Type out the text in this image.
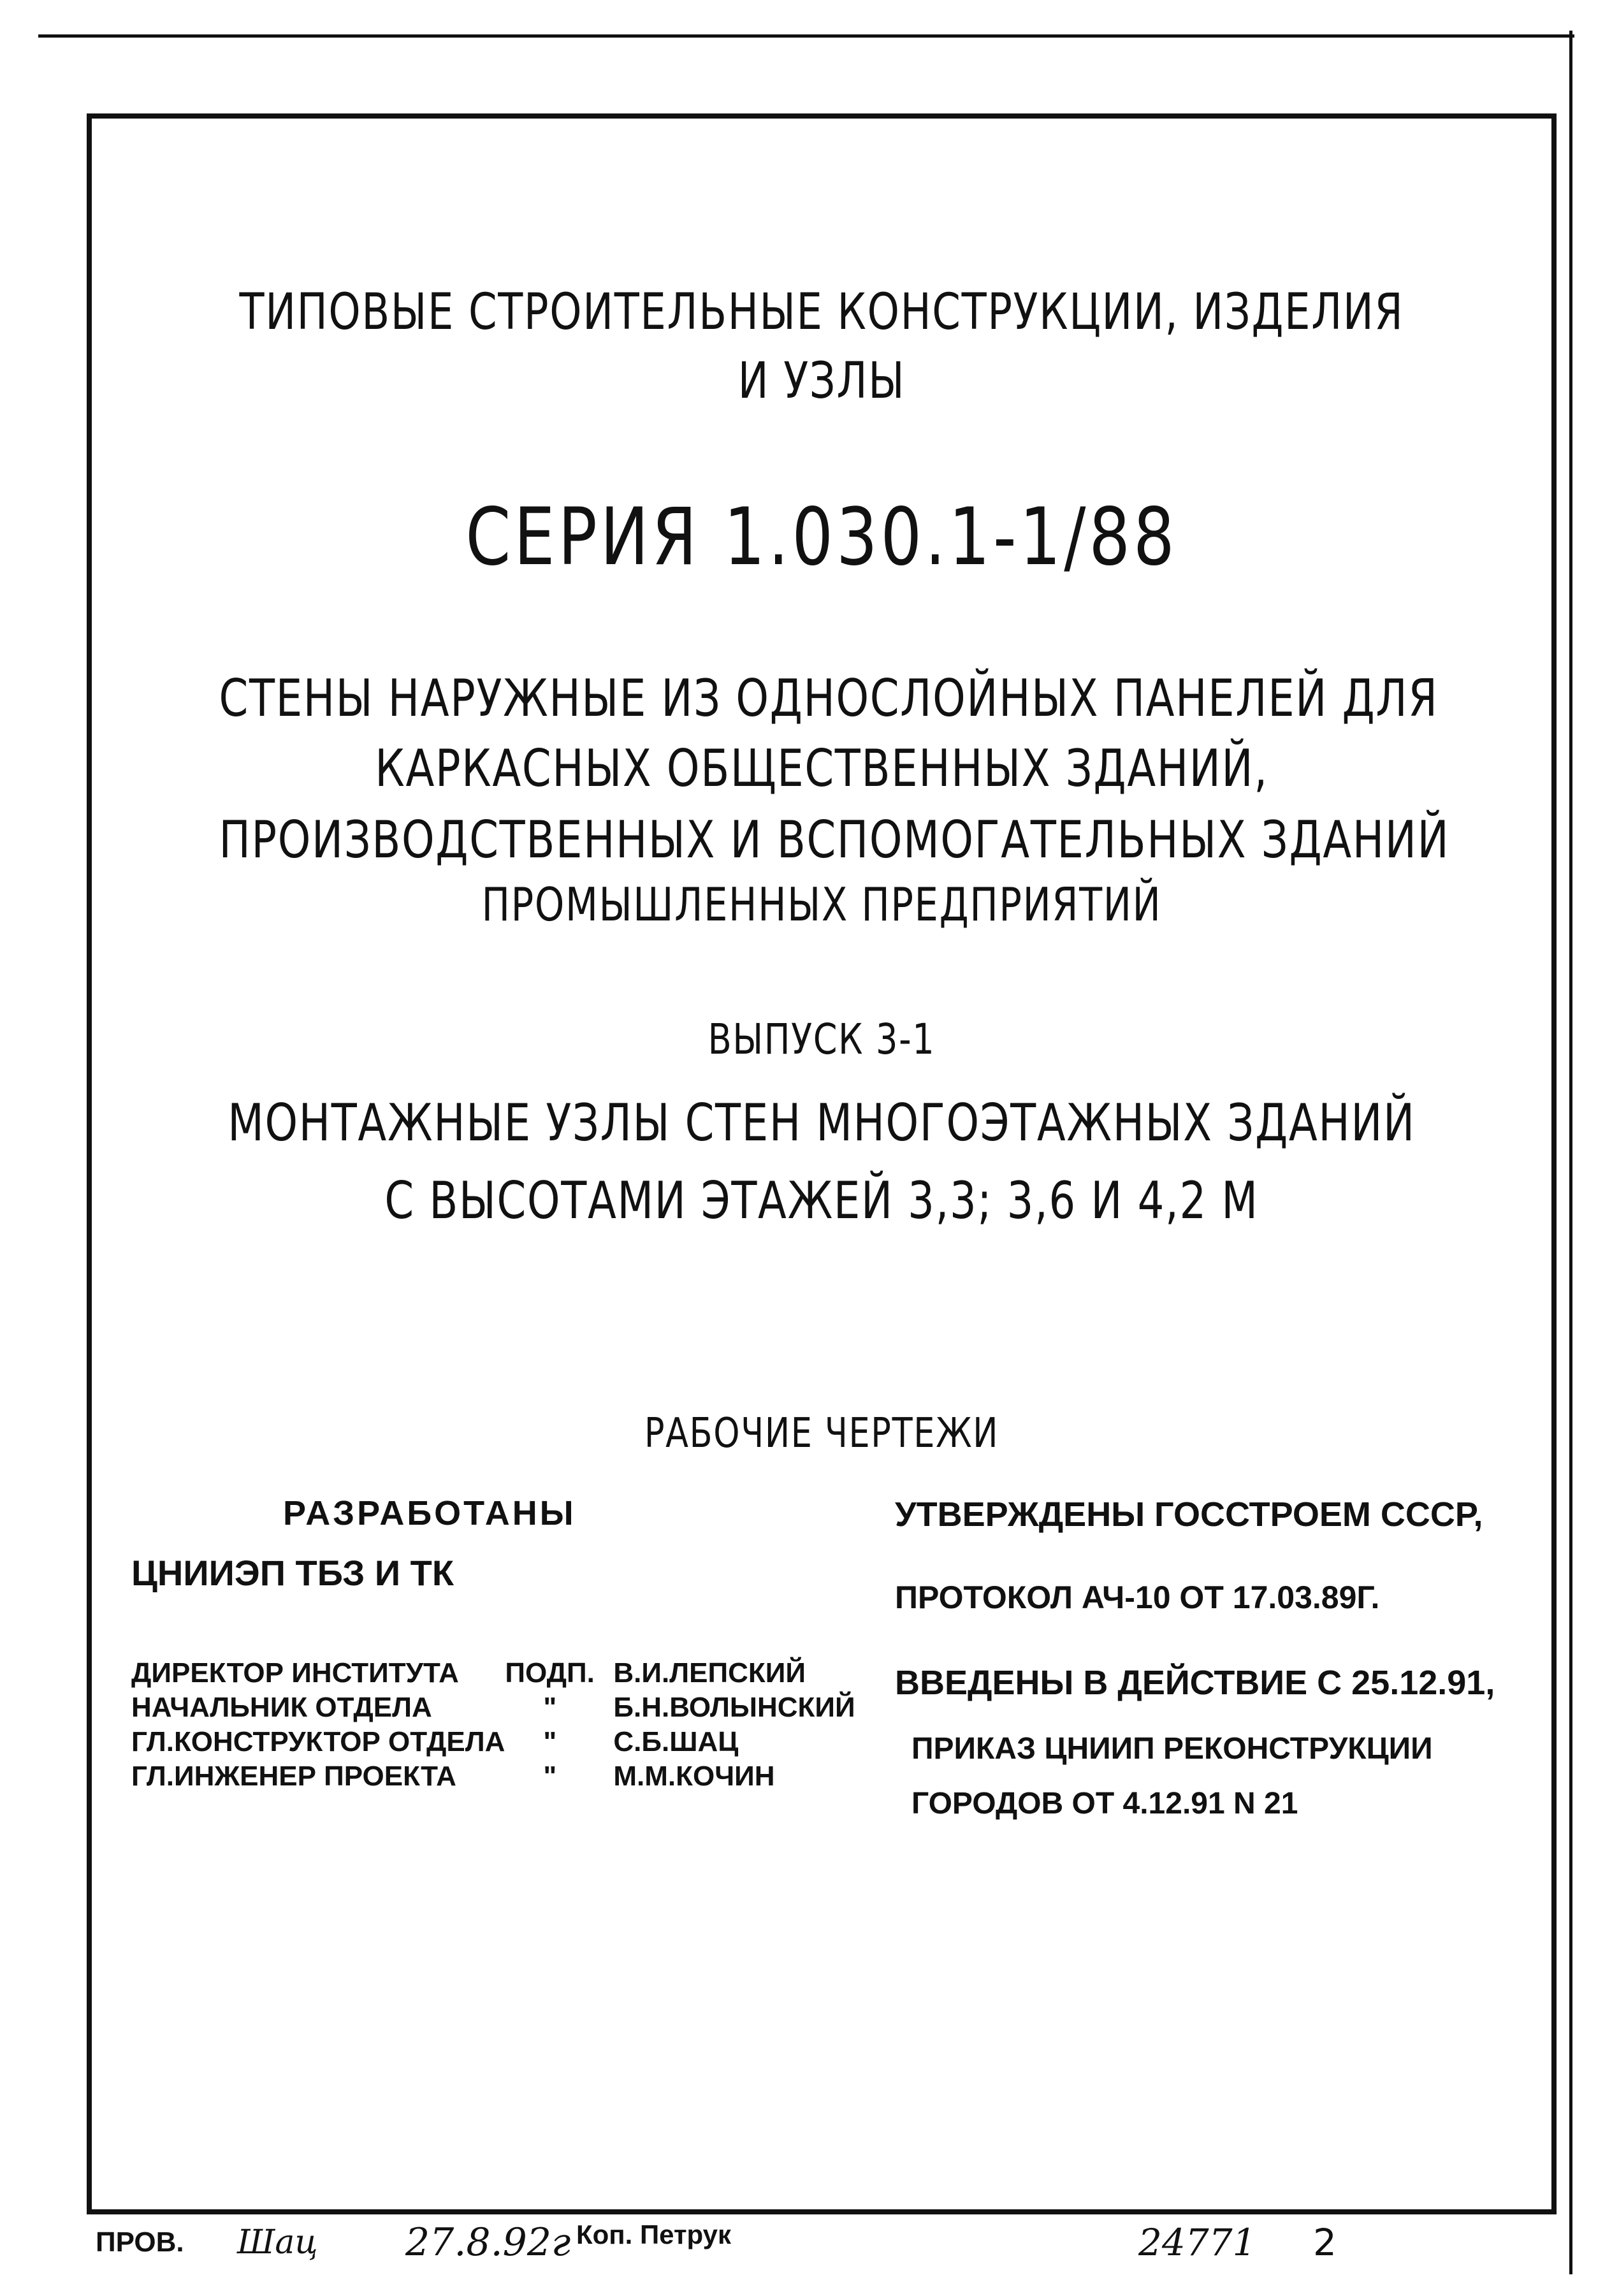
ТИПОВЫЕ СТРОИТЕЛЬНЫЕ КОНСТРУКЦИИ, ИЗДЕЛИЯ
И УЗЛЫ
СЕРИЯ 1.030.1-1/88
СТЕНЫ НАРУЖНЫЕ ИЗ ОДНОСЛОЙНЫХ ПАНЕЛЕЙ ДЛЯ
КАРКАСНЫХ ОБЩЕСТВЕННЫХ ЗДАНИЙ,
ПРОИЗВОДСТВЕННЫХ И ВСПОМОГАТЕЛЬНЫХ ЗДАНИЙ
ПРОМЫШЛЕННЫХ ПРЕДПРИЯТИЙ
ВЫПУСК 3-1
МОНТАЖНЫЕ УЗЛЫ СТЕН МНОГОЭТАЖНЫХ ЗДАНИЙ
С ВЫСОТАМИ ЭТАЖЕЙ 3,3; 3,6 И 4,2 М
РАБОЧИЕ ЧЕРТЕЖИ
РАЗРАБОТАНЫ
ЦНИИЭП ТБЗ И ТК
УТВЕРЖДЕНЫ ГОССТРОЕМ СССР,
ПРОТОКОЛ АЧ-10 ОТ 17.03.89Г.
ВВЕДЕНЫ В ДЕЙСТВИЕ С 25.12.91,
ПРИКАЗ ЦНИИП РЕКОНСТРУКЦИИ
ГОРОДОВ ОТ 4.12.91 N 21
ДИРЕКТОР ИНСТИТУТА	ПОДП.	В.И.ЛЕПСКИЙ
НАЧАЛЬНИК ОТДЕЛА	"	Б.Н.ВОЛЫНСКИЙ
ГЛ.КОНСТРУКТОР ОТДЕЛА	"	С.Б.ШАЦ
ГЛ.ИНЖЕНЕР ПРОЕКТА	"	М.М.КОЧИН
ПРОВ. Шац 27.8.92г Коп. Петрук	24771 2
